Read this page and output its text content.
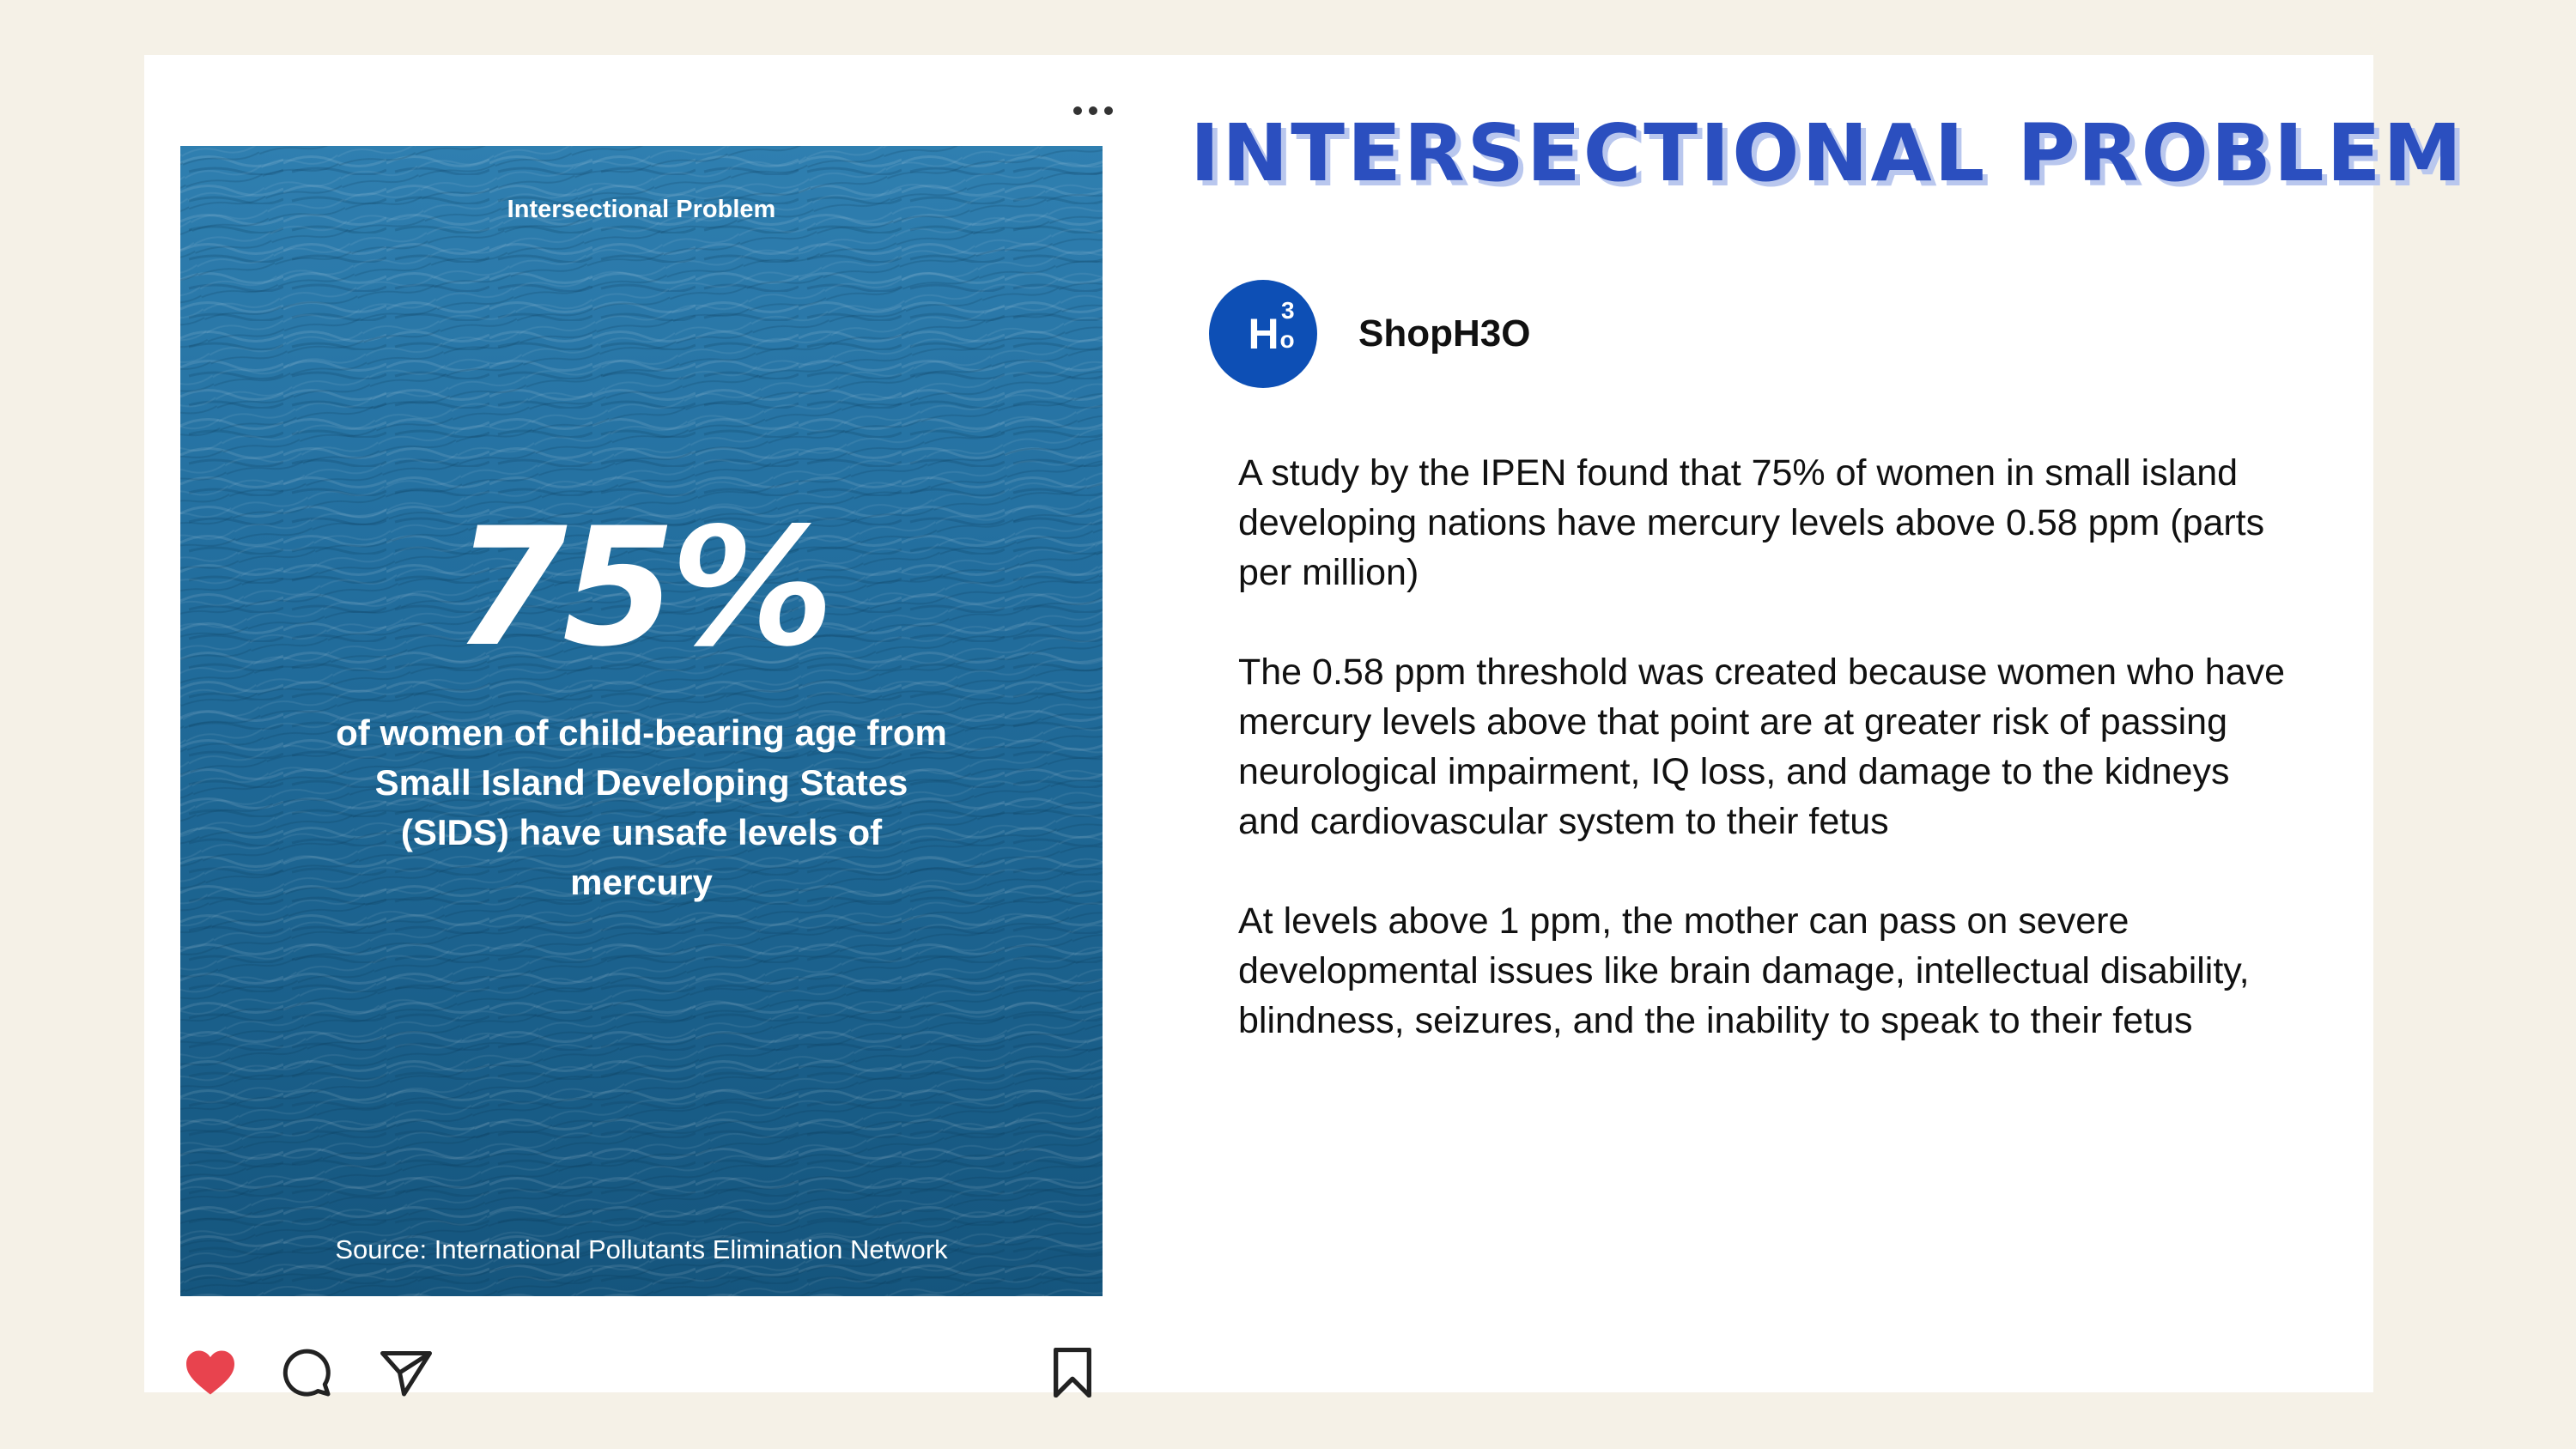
Intersectional Problem
75%
of women of child-bearing age from Small Island Developing States (SIDS) have unsafe levels of mercury
Source: International Pollutants Elimination Network
INTERSECTIONAL PROBLEM
H 3
o ShopH3O

A study by the IPEN found that 75% of women in small island developing nations have mercury levels above 0.58 ppm (parts per million)

The 0.58 ppm threshold was created because women who have mercury levels above that point are at greater risk of passing neurological impairment, IQ loss, and damage to the kidneys and cardiovascular system to their fetus

At levels above 1 ppm, the mother can pass on severe developmental issues like brain damage, intellectual disability, blindness, seizures, and the inability to speak to their fetus
